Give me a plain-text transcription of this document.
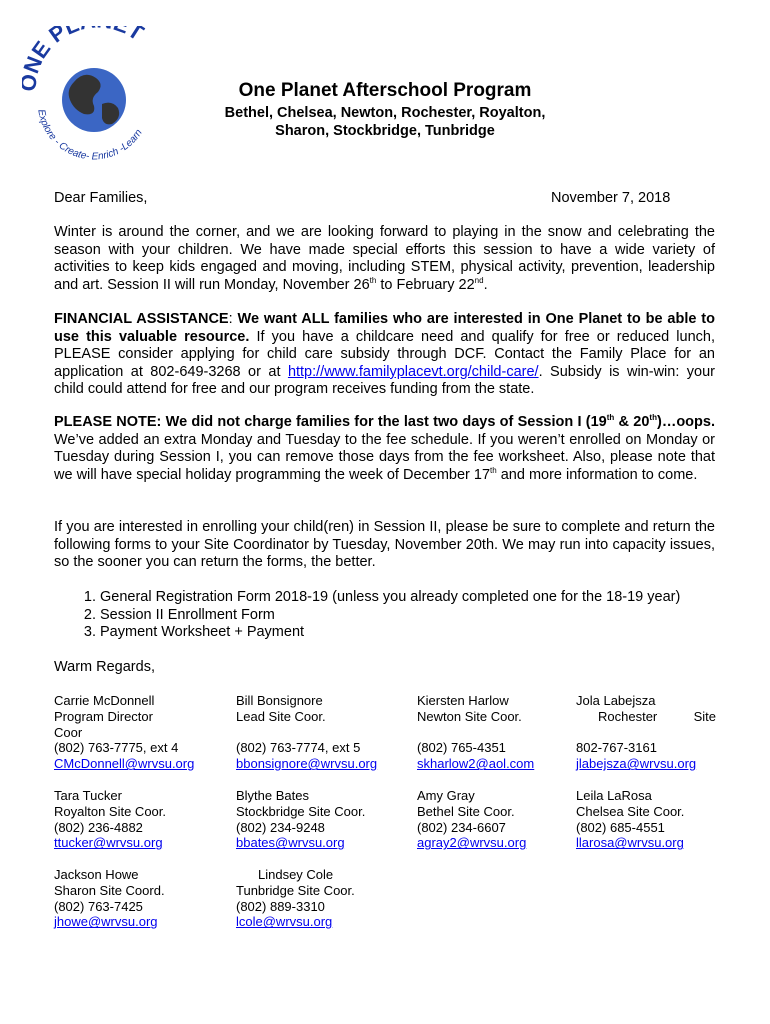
E P T
Explore - Create- Enrich -Learn
One Planet Afterschool Program
Bethel, Chelsea, Newton, Rochester, Royalton,
Sharon, Stockbridge, Tunbridge
Dear Families,	November 7, 2018

Winter is around the corner, and we are looking forward to playing in the snow and celebrating the season with your children. We have made special efforts this session to have a wide variety of activities to keep kids engaged and moving, including STEM, physical activity, prevention, leadership and art. Session II will run Monday, November 26th to February 22nd.

FINANCIAL ASSISTANCE: We want ALL families who are interested in One Planet to be able to use this valuable resource. If you have a childcare need and qualify for free or reduced lunch, PLEASE consider applying for child care subsidy through DCF. Contact the Family Place for an application at 802-649-3268 or at http://www.familyplacevt.org/child-care/. Subsidy is win-win: your child could attend for free and our program receives funding from the state.

PLEASE NOTE: We did not charge families for the last two days of Session I (19th & 20th)…oops. We’ve added an extra Monday and Tuesday to the fee schedule. If you weren’t enrolled on Monday or Tuesday during Session I, you can remove those days from the fee worksheet. Also, please note that we will have special holiday programming the week of December 17th and more information to come.

If you are interested in enrolling your child(ren) in Session II, please be sure to complete and return the following forms to your Site Coordinator by Tuesday, November 20th. We may run into capacity issues, so the sooner you can return the forms, the better.

1. General Registration Form 2018-19 (unless you already completed one for the 18-19 year)
2. Session II Enrollment Form
3. Payment Worksheet + Payment
Warm Regards,
Carrie McDonnell
Program Director
Coor
(802) 763-7775, ext 4
CMcDonnell@wrvsu.org
Bill Bonsignore
Lead Site Coor.

(802) 763-7774, ext 5
bbonsignore@wrvsu.org
Kiersten Harlow
Newton Site Coor.

(802) 765-4351
skharlow2@aol.com
Jola Labejsza
Rochester	Site

802-767-3161
jlabejsza@wrvsu.org
Tara Tucker
Royalton Site Coor.
(802) 236-4882
ttucker@wrvsu.org
Blythe Bates
Stockbridge Site Coor.
(802) 234-9248
bbates@wrvsu.org
Amy Gray
Bethel Site Coor.
(802) 234-6607
agray2@wrvsu.org
Leila LaRosa
Chelsea Site Coor.
(802) 685-4551
llarosa@wrvsu.org
Jackson Howe
Sharon Site Coord.
(802) 763-7425
jhowe@wrvsu.org
Lindsey Cole
Tunbridge Site Coor.
(802) 889-3310
lcole@wrvsu.org
